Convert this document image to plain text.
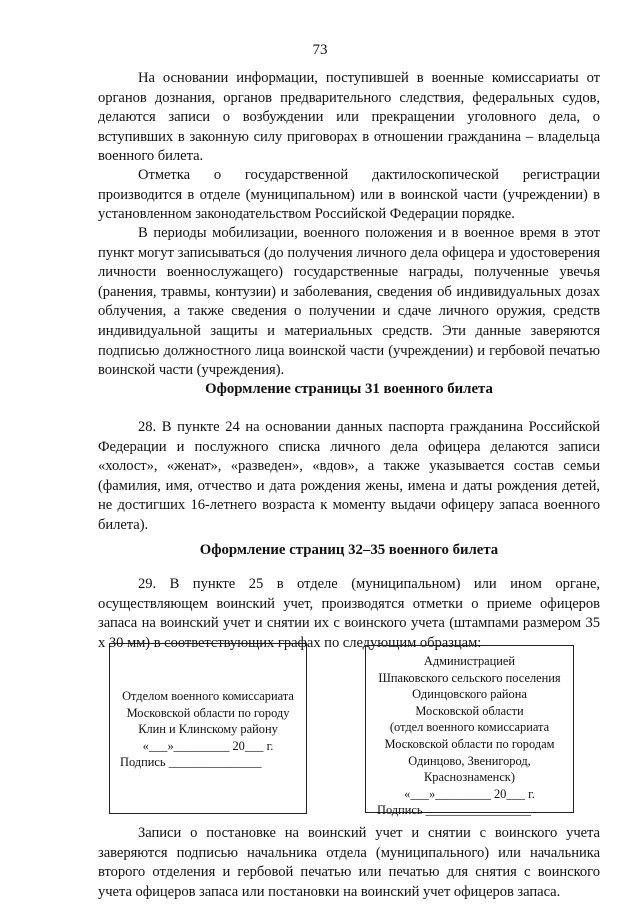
73

На основании информации, поступившей в военные комиссариаты от органов дознания, органов предварительного следствия, федеральных судов, делаются записи о возбуждении или прекращении уголовного дела, о вступивших в законную силу приговорах в отношении гражданина – владельца военного билета.

Отметка о государственной дактилоскопической регистрации производится в отделе (муниципальном) или в воинской части (учреждении) в установленном законодательством Российской Федерации порядке.

В периоды мобилизации, военного положения и в военное время в этот пункт могут записываться (до получения личного дела офицера и удостоверения личности военнослужащего) государственные награды, полученные увечья (ранения, травмы, контузии) и заболевания, сведения об индивидуальных дозах облучения, а также сведения о получении и сдаче личного оружия, средств индивидуальной защиты и материальных средств. Эти данные заверяются подписью должностного лица воинской части (учреждении) и гербовой печатью воинской части (учреждения).

Оформление страницы 31 военного билета

28. В пункте 24 на основании данных паспорта гражданина Российской Федерации и послужного списка личного дела офицера делаются записи «холост», «женат», «разведен», «вдов», а также указывается состав семьи (фамилия, имя, отчество и дата рождения жены, имена и даты рождения детей, не достигших 16-летнего возраста к моменту выдачи офицеру запаса военного билета).

Оформление страниц 32–35 военного билета

29. В пункте 25 в отделе (муниципальном) или ином органе, осуществляющем воинский учет, производятся отметки о приеме офицеров запаса на воинский учет и снятии их с воинского учета (штампами размером 35 х 30 мм) в соответствующих графах по следующим образцам:

Отделом военного комиссариата
Московской области по городу
Клин и Клинскому району
«___»_________ 20___ г.
Подпись _______________
Администрацией
Шпаковского сельского поселения
Одинцовского района
Московской области
(отдел военного комиссариата
Московской области по городам
Одинцово, Звенигород,
Краснознаменск)
«___»_________ 20___ г.
Подпись _________________

Записи о постановке на воинский учет и снятии с воинского учета заверяются подписью начальника отдела (муниципального) или начальника второго отделения и гербовой печатью или печатью для снятия с воинского учета офицеров запаса или постановки на воинский учет офицеров запаса.
